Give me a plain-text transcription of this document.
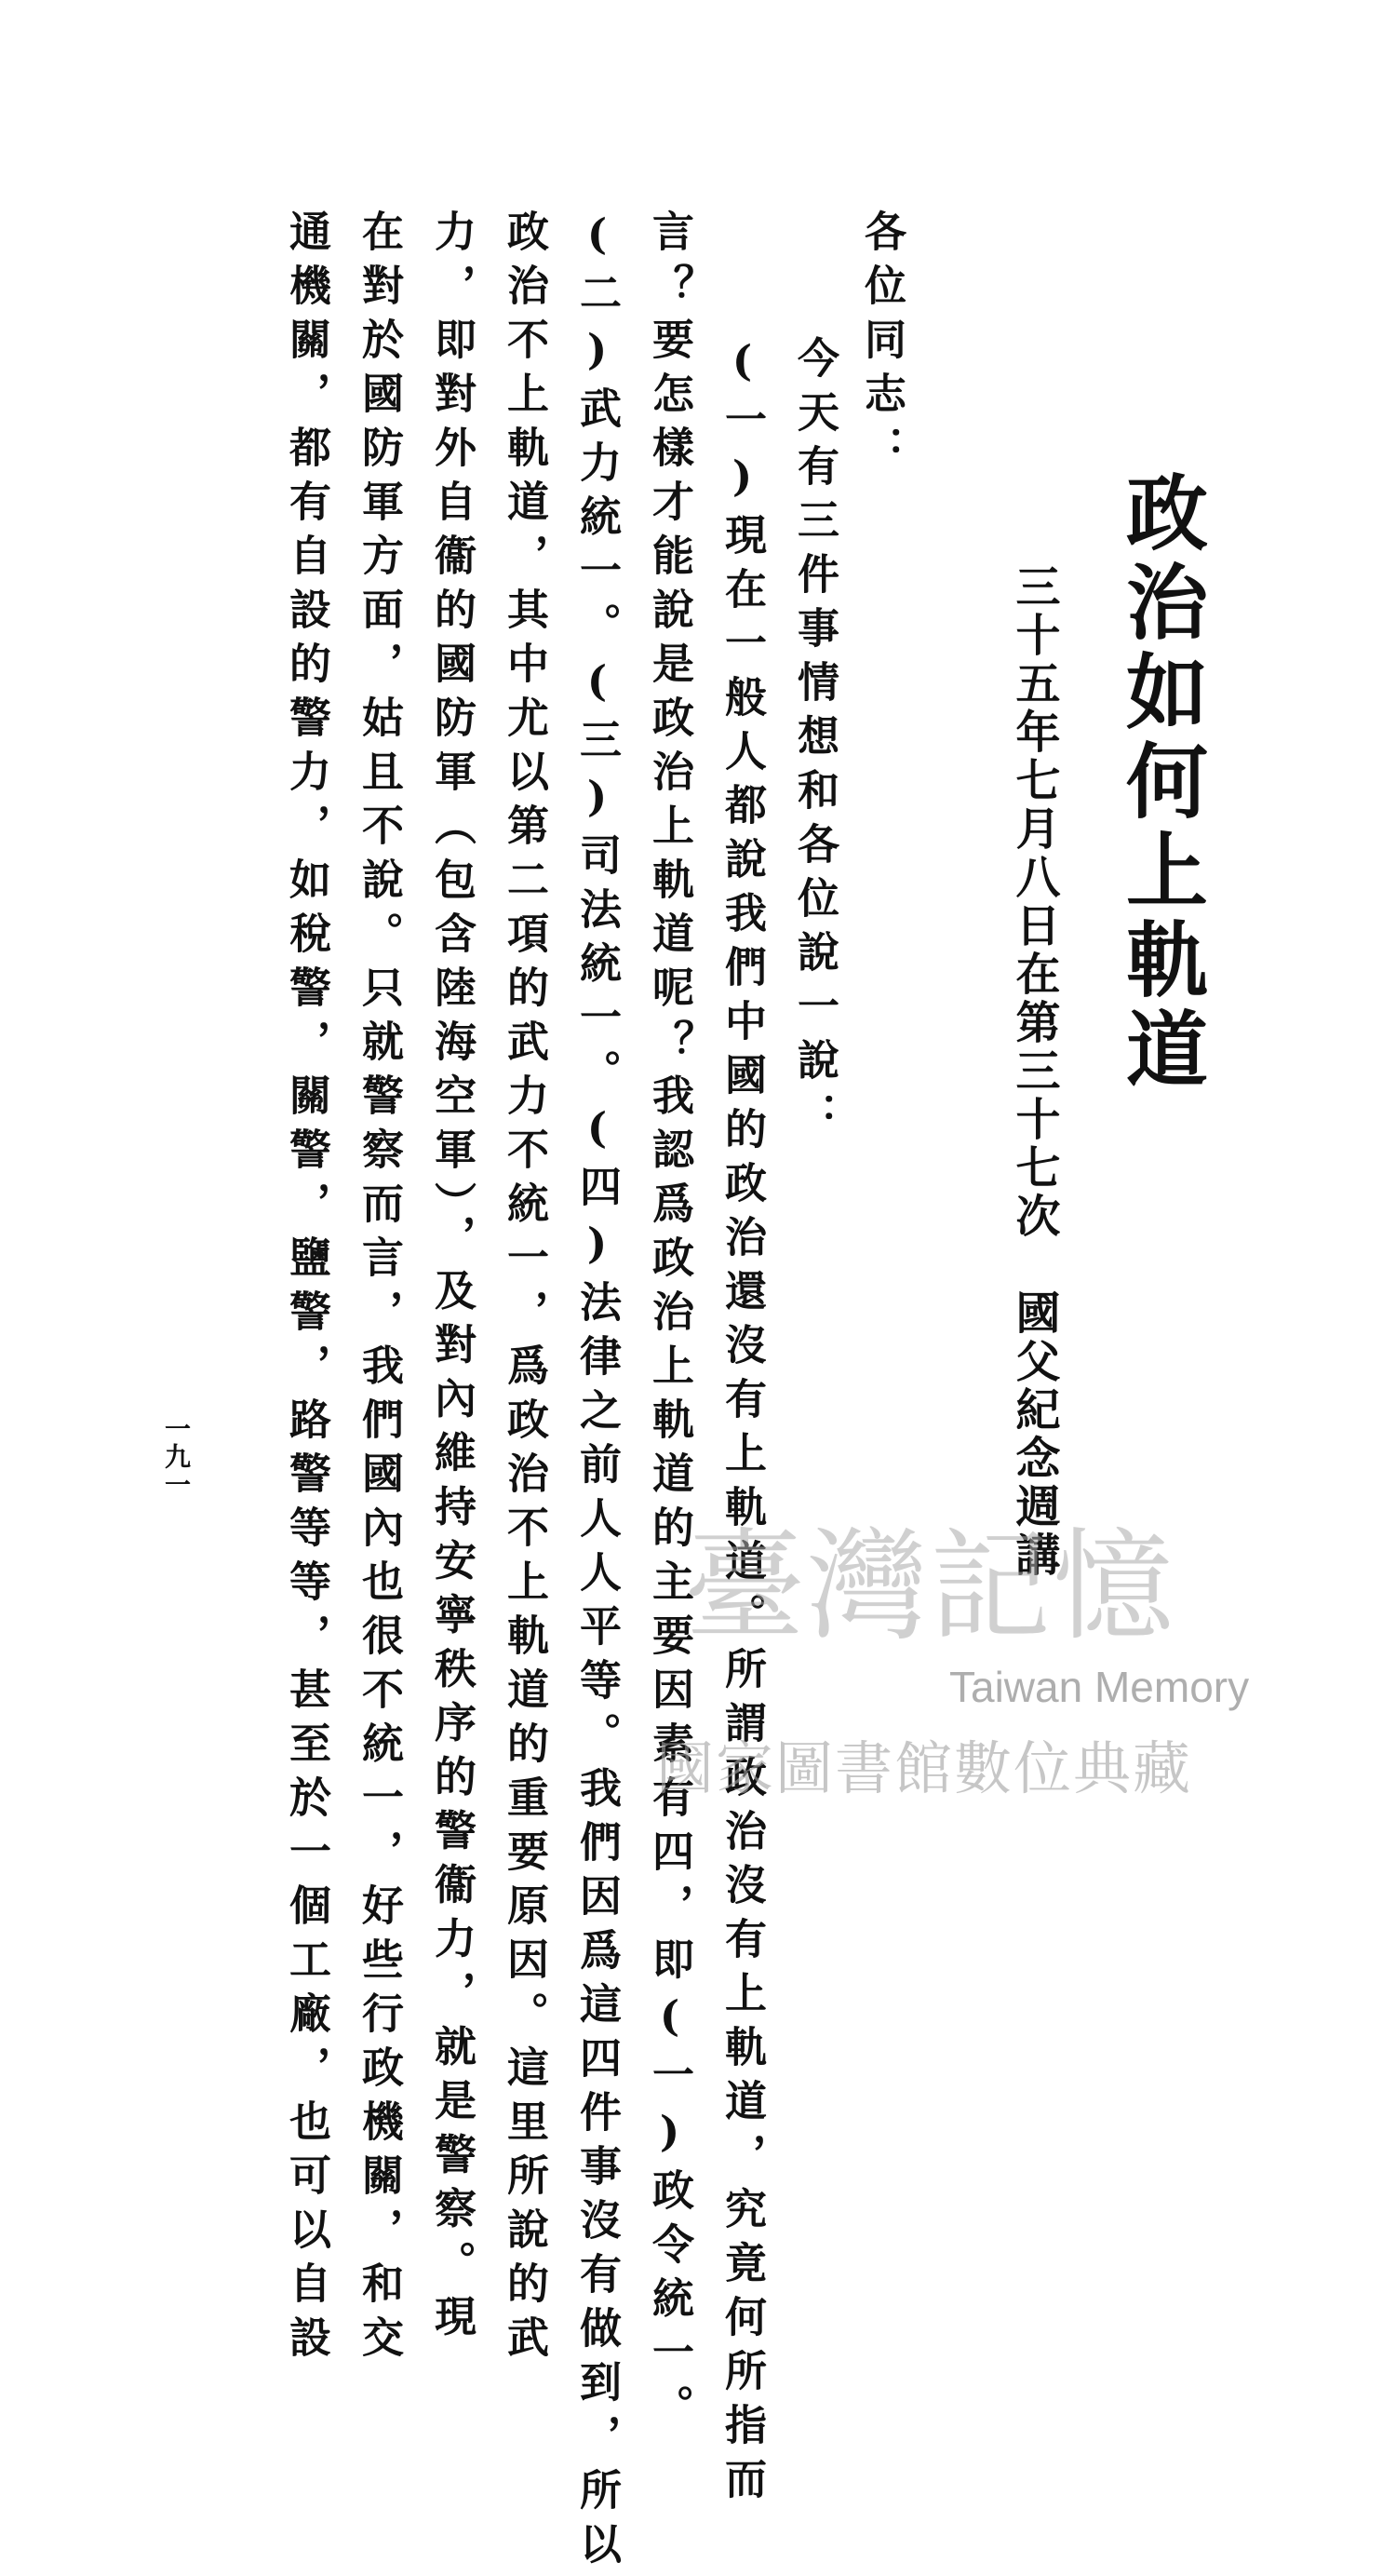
政治如何上軌道
三十五年七月八日在第三十七次　國父紀念週講
各位同志：
　今天有三件事情想和各位說一說：
　(一)現在一般人都說我們中國的政治還沒有上軌道。所謂政治沒有上軌道，究竟何所指而
言？要怎樣才能說是政治上軌道呢？我認爲政治上軌道的主要因素有四，即(一)政令統一。
(二)武力統一。(三)司法統一。(四)法律之前人人平等。我們因爲這四件事沒有做到，所以
政治不上軌道，其中尤以第二項的武力不統一，爲政治不上軌道的重要原因。這里所說的武
力，即對外自衞的國防軍（包含陸海空軍），及對內維持安寧秩序的警衞力，就是警察。現
在對於國防軍方面，姑且不說。只就警察而言，我們國內也很不統一，好些行政機關，和交
通機關，都有自設的警力，如稅警，關警，鹽警，路警等等，甚至於一個工廠，也可以自設
一九一
臺灣記憶
Taiwan Memory
國家圖書館數位典藏
